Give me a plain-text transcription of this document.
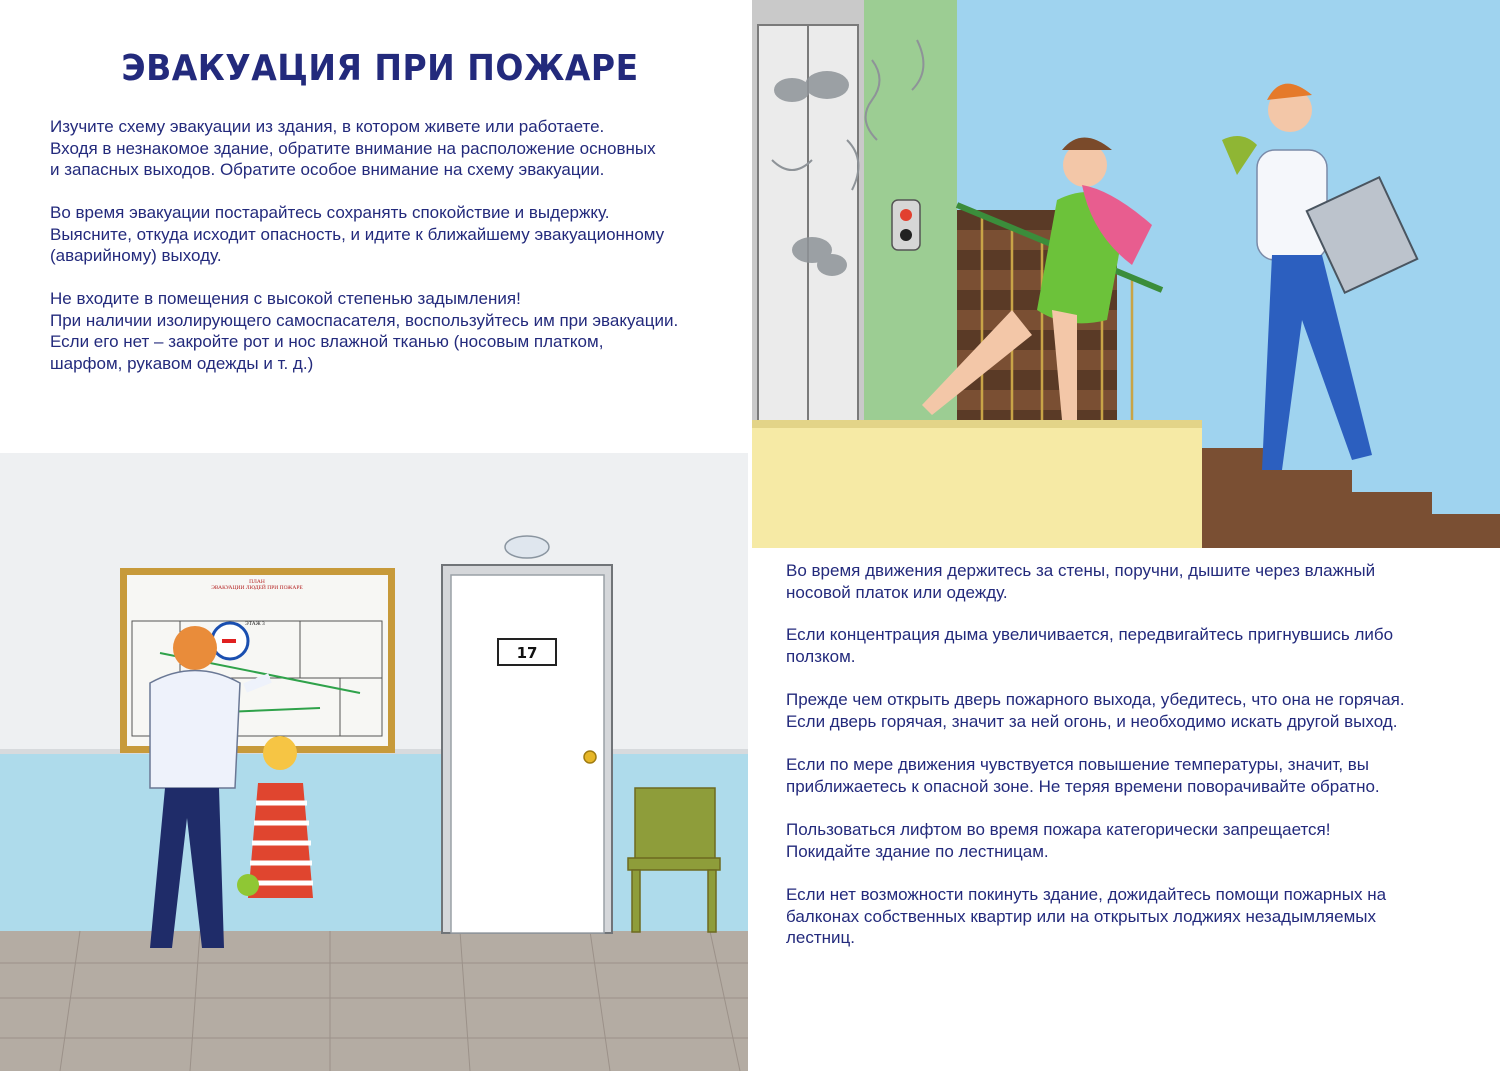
ЭВАКУАЦИЯ ПРИ ПОЖАРЕ
Изучите схему эвакуации из здания, в котором живете или работаете.
Входя в незнакомое здание, обратите внимание на расположение основных
и запасных выходов. Обратите особое внимание на схему эвакуации.
Во время эвакуации постарайтесь сохранять спокойствие и выдержку.
Выясните, откуда исходит опасность, и идите к ближайшему эвакуационному
(аварийному) выходу.
Не входите в помещения с высокой степенью задымления!
При наличии изолирующего самоспасателя, воспользуйтесь им при эвакуации.
Если его нет – закройте рот и нос влажной тканью (носовым платком,
шарфом, рукавом одежды и т. д.)
ПЛАН
ЭВАКУАЦИИ ЛЮДЕЙ ПРИ ПОЖАРЕ
ЭТАЖ 3
17
Во время движения держитесь за стены, поручни, дышите через влажный
носовой платок или одежду.
Если концентрация дыма увеличивается, передвигайтесь пригнувшись либо
ползком.
Прежде чем открыть дверь пожарного выхода, убедитесь, что она не горячая.
Если дверь горячая, значит за ней огонь, и необходимо искать другой выход.
Если по мере движения чувствуется повышение температуры, значит, вы
приближаетесь к опасной зоне. Не теряя времени поворачивайте обратно.
Пользоваться лифтом во время пожара категорически запрещается!
Покидайте здание по лестницам.
Если нет возможности покинуть здание, дожидайтесь помощи пожарных на
балконах собственных квартир или на открытых лоджиях незадымляемых
лестниц.
